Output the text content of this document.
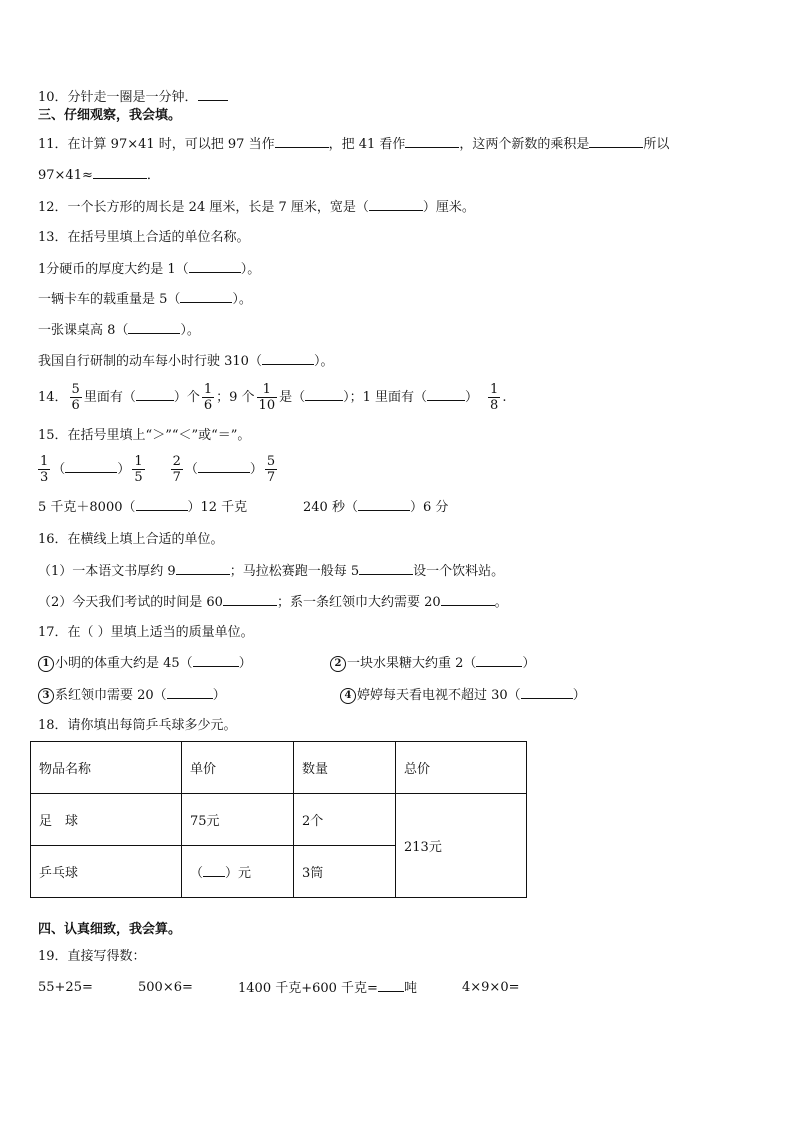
10．分针走一圈是一分钟．
三、仔细观察，我会填。
11．在计算 97×41 时，可以把 97 当作	，把 41 看作	，这两个新数的乘积是	所以
97×41≈	．
12．一个长方形的周长是 24 厘米，长是 7 厘米，宽是（	）厘米。
13．在括号里填上合适的单位名称。
1分硬币的厚度大约是 1（	）。
一辆卡车的载重量是 5（	）。
一张课桌高 8（	）。
我国自行研制的动车每小时行驶 310（	）。
14． $\frac{5}{6}$ 里面有（	）个 $\frac{1}{6}$ ；9 个 $\frac{1}{10}$ 是（	）；1 里面有（	） $\frac{1}{8}$ .
15．在括号里填上“＞”“＜”或“＝”。
$\frac{1}{3}$ （	） $\frac{1}{5} \frac{2}{7}$ （	） $\frac{5}{7}$
5 千克＋8000（	）12 千克	240 秒（	）6 分
16．在横线上填上合适的单位。
（1）一本语文书厚约 9	；马拉松赛跑一般每 5	设一个饮料站。
（2）今天我们考试的时间是 60	；系一条红领巾大约需要 20	。
17．在（ ）里填上适当的质量单位。
1 小明的体重大约是 45（	）	2 一块水果糖大约重 2（	）
3 系红领巾需要 20（	）	4 婷婷每天看电视不超过 30（	）
18．请你填出每筒乒乓球多少元。
物品名称	单价	数量	总价
足　球	75元	2个	213元
乒乓球	（ ）元	3筒	
四、认真细致，我会算。
19．直接写得数：
55+25=	500×6=	1400 千克+600 千克= 吨	4×9×0=
